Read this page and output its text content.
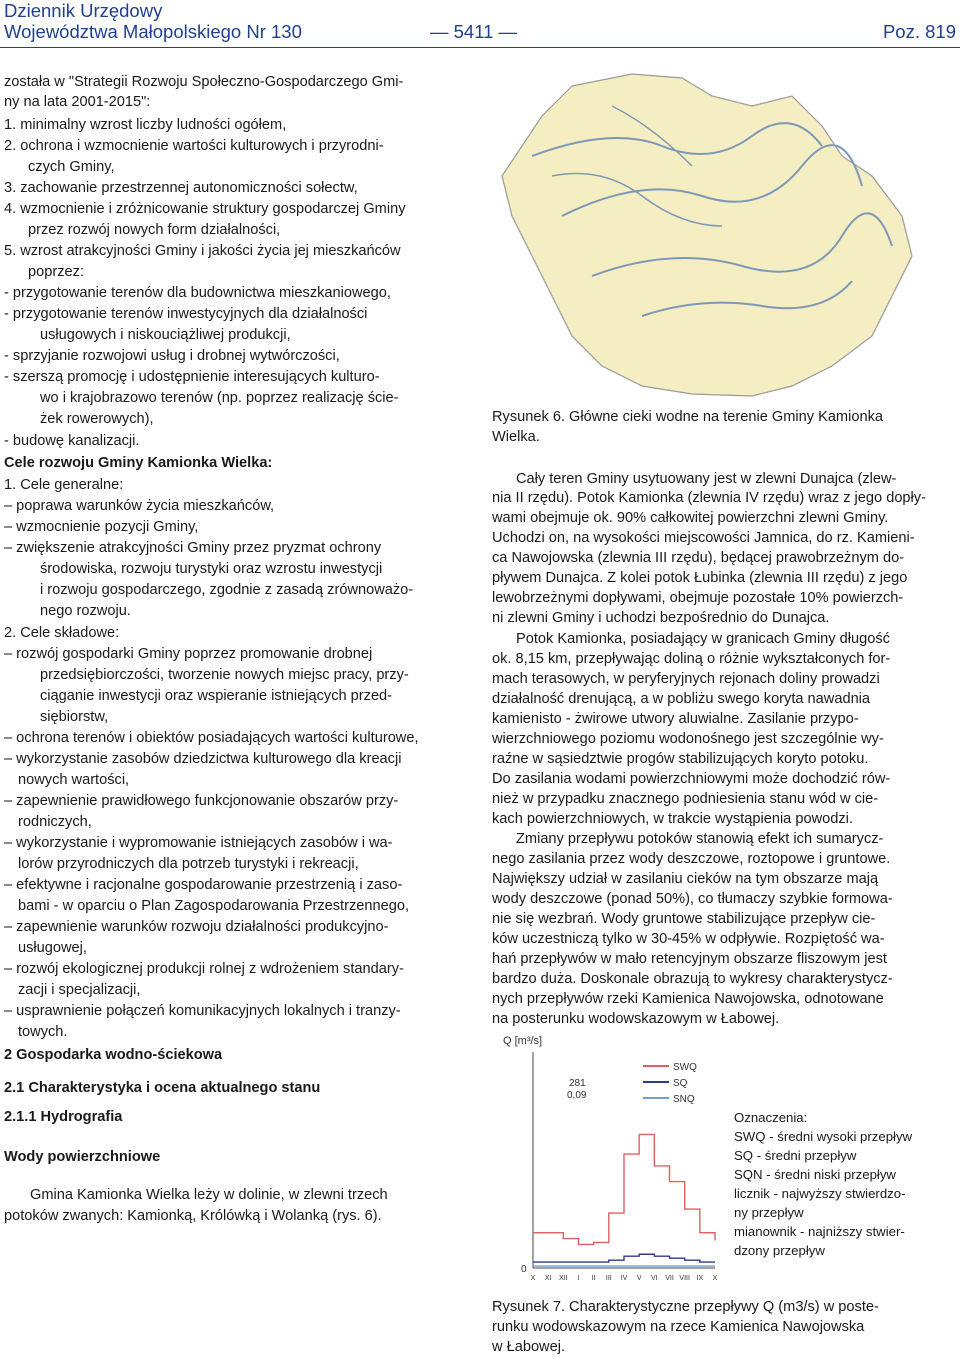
Dziennik Urzędowy
Województwa Małopolskiego Nr 130	— 5411 —	Poz. 819
została w "Strategii Rozwoju Społeczno-Gospodarczego Gmi-
ny na lata 2001-2015":
1. minimalny wzrost liczby ludności ogółem,
2. ochrona i wzmocnienie wartości kulturowych i przyrodni-
czych Gminy,
3. zachowanie przestrzennej autonomiczności sołectw,
4. wzmocnienie i zróżnicowanie struktury gospodarczej Gminy
przez rozwój nowych form działalności,
5. wzrost atrakcyjności Gminy i jakości życia jej mieszkańców
poprzez:
- przygotowanie terenów dla budownictwa mieszkaniowego,
- przygotowanie terenów inwestycyjnych dla działalności
usługowych i niskouciążliwej produkcji,
- sprzyjanie rozwojowi usług i drobnej wytwórczości,
- szerszą promocję i udostępnienie interesujących kulturo-
wo i krajobrazowo terenów (np. poprzez realizację ście-
żek rowerowych),
- budowę kanalizacji.
Cele rozwoju Gminy Kamionka Wielka:
1. Cele generalne:
– poprawa warunków życia mieszkańców,
– wzmocnienie pozycji Gminy,
– zwiększenie atrakcyjności Gminy przez pryzmat ochrony
środowiska, rozwoju turystyki oraz wzrostu inwestycji
i rozwoju gospodarczego, zgodnie z zasadą zrównoważo-
nego rozwoju.
2. Cele składowe:
– rozwój gospodarki Gminy poprzez promowanie drobnej
przedsiębiorczości, tworzenie nowych miejsc pracy, przy-
ciąganie inwestycji oraz wspieranie istniejących przed-
siębiorstw,
– ochrona terenów i obiektów posiadających wartości kulturowe,
– wykorzystanie zasobów dziedzictwa kulturowego dla kreacji
nowych wartości,
– zapewnienie prawidłowego funkcjonowanie obszarów przy-
rodniczych,
– wykorzystanie i wypromowanie istniejących zasobów i wa-
lorów przyrodniczych dla potrzeb turystyki i rekreacji,
– efektywne i racjonalne gospodarowanie przestrzenią i zaso-
bami - w oparciu o Plan Zagospodarowania Przestrzennego,
– zapewnienie warunków rozwoju działalności produkcyjno-
usługowej,
– rozwój ekologicznej produkcji rolnej z wdrożeniem standary-
zacji i specjalizacji,
– usprawnienie połączeń komunikacyjnych lokalnych i tranzy-
towych.
2 Gospodarka wodno-ściekowa
2.1 Charakterystyka i ocena aktualnego stanu
2.1.1 Hydrografia
Wody powierzchniowe
Gmina Kamionka Wielka leży w dolinie, w zlewni trzech
potoków zwanych: Kamionką, Królówką i Wolanką (rys. 6).
Rysunek 6. Główne cieki wodne na terenie Gminy Kamionka
Wielka.
Cały teren Gminy usytuowany jest w zlewni Dunajca (zlew-
nia II rzędu). Potok Kamionka (zlewnia IV rzędu) wraz z jego dopły-
wami obejmuje ok. 90% całkowitej powierzchni zlewni Gminy.
Uchodzi on, na wysokości miejscowości Jamnica, do rz. Kamieni-
ca Nawojowska (zlewnia III rzędu), będącej prawobrzeżnym do-
pływem Dunajca. Z kolei potok Łubinka (zlewnia III rzędu) z jego
lewobrzeżnymi dopływami, obejmuje pozostałe 10% powierzch-
ni zlewni Gminy i uchodzi bezpośrednio do Dunajca.
Potok Kamionka, posiadający w granicach Gminy długość
ok. 8,15 km, przepływając doliną o różnie wykształconych for-
mach terasowych, w peryferyjnych rejonach doliny prowadzi
działalność drenującą, a w pobliżu swego koryta nawadnia
kamienisto - żwirowe utwory aluwialne. Zasilanie przypo-
wierzchniowego poziomu wodonośnego jest szczególnie wy-
raźne w sąsiedztwie progów stabilizujących koryto potoku.
Do zasilania wodami powierzchniowymi może dochodzić rów-
nież w przypadku znacznego podniesienia stanu wód w cie-
kach powierzchniowych, w trakcie wystąpienia powodzi.
Zmiany przepływu potoków stanowią efekt ich sumarycz-
nego zasilania przez wody deszczowe, roztopowe i gruntowe.
Największy udział w zasilaniu cieków na tym obszarze mają
wody deszczowe (ponad 50%), co tłumaczy szybkie formowa-
nie się wezbrań. Wody gruntowe stabilizujące przepływ cie-
ków uczestniczą tylko w 30-45% w odpływie. Rozpiętość wa-
hań przepływów w mało retencyjnym obszarze fliszowym jest
bardzo duża. Doskonale obrazują to wykresy charakterystycz-
nych przepływów rzeki Kamienica Nawojowska, odnotowane
na posterunku wodowskazowym w Łabowej.
Q [m³/s]
0
281
0,09
X XI XII I II III IV V VI VII VIII IX X
SWQ
SQ
SNQ
Oznaczenia:
SWQ - średni wysoki przepływ
SQ - średni przepływ
SQN - średni niski przepływ
licznik - najwyższy stwierdzo-
ny przepływ
mianownik - najniższy stwier-
dzony przepływ
Rysunek 7. Charakterystyczne przepływy Q (m3/s) w poste-
runku wodowskazowym na rzece Kamienica Nawojowska
w Łabowej.
